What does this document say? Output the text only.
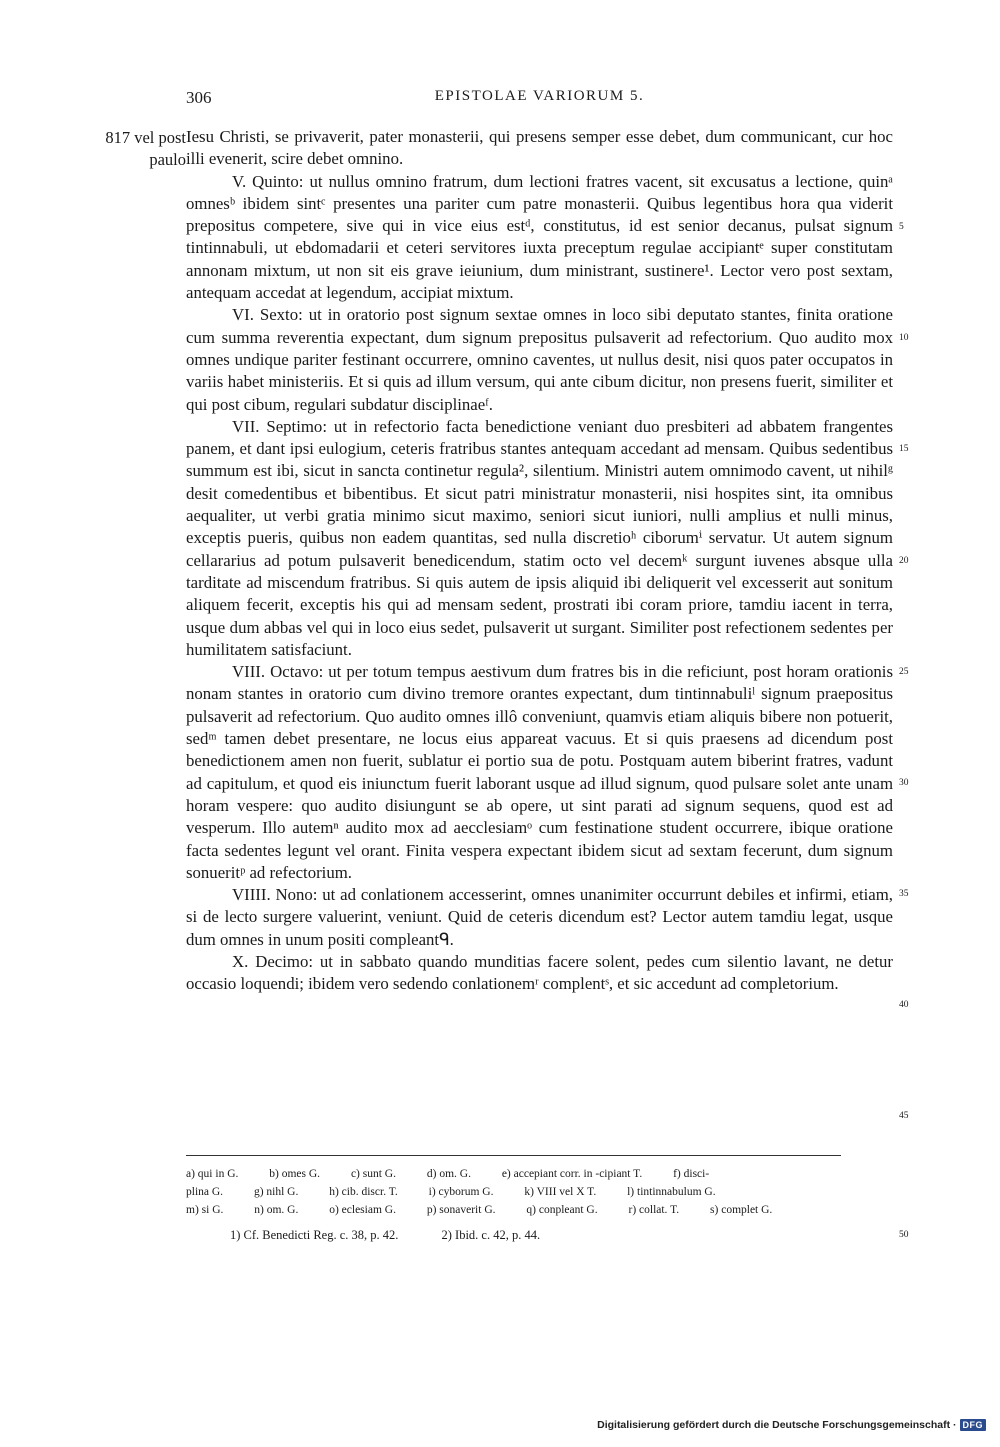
306	EPISTOLAE VARIORUM 5.
817 vel post paulo

Iesu Christi, se privaverit, pater monasterii, qui presens semper esse debet, dum communicant, cur hoc illi evenerit, scire debet omnino.

V. Quinto: ut nullus omnino fratrum, dum lectioni fratres vacent, sit excusatus a lectione, quinᵃ omnesᵇ ibidem sintᶜ presentes una pariter cum patre monasterii. Quibus legentibus hora qua viderit prepositus competere, sive qui in vice eius estᵈ, constitutus, id est senior decanus, pulsat signum tintinnabuli, ut ebdomadarii et ceteri servitores iuxta preceptum regulae accipiantᵉ super constitutam annonam mixtum, ut non sit eis grave ieiunium, dum ministrant, sustinere¹. Lector vero post sextam, antequam accedat at legendum, accipiat mixtum.

VI. Sexto: ut in oratorio post signum sextae omnes in loco sibi deputato stantes, finita oratione cum summa reverentia expectant, dum signum prepositus pulsaverit ad refectorium. Quo audito mox omnes undique pariter festinant occurrere, omnino caventes, ut nullus desit, nisi quos pater occupatos in variis habet ministeriis. Et si quis ad illum versum, qui ante cibum dicitur, non presens fuerit, similiter et qui post cibum, regulari subdatur disciplinaeᶠ.

VII. Septimo: ut in refectorio facta benedictione veniant duo presbiteri ad abbatem frangentes panem, et dant ipsi eulogium, ceteris fratribus stantes antequam accedant ad mensam. Quibus sedentibus summum est ibi, sicut in sancta continetur regula², silentium. Ministri autem omnimodo cavent, ut nihilᵍ desit comedentibus et bibentibus. Et sicut patri ministratur monasterii, nisi hospites sint, ita omnibus aequaliter, ut verbi gratia minimo sicut maximo, seniori sicut iuniori, nulli amplius et nulli minus, exceptis pueris, quibus non eadem quantitas, sed nulla discretioʰ ciborumⁱ servatur. Ut autem signum cellararius ad potum pulsaverit benedicendum, statim octo vel decemᵏ surgunt iuvenes absque ulla tarditate ad miscendum fratribus. Si quis autem de ipsis aliquid ibi deliquerit vel excesserit aut sonitum aliquem fecerit, exceptis his qui ad mensam sedent, prostrati ibi coram priore, tamdiu iacent in terra, usque dum abbas vel qui in loco eius sedet, pulsaverit ut surgant. Similiter post refectionem sedentes per humilitatem satisfaciunt.

VIII. Octavo: ut per totum tempus aestivum dum fratres bis in die reficiunt, post horam orationis nonam stantes in oratorio cum divino tremore orantes expectant, dum tintinnabuliˡ signum praepositus pulsaverit ad refectorium. Quo audito omnes illô conveniunt, quamvis etiam aliquis bibere non potuerit, sedᵐ tamen debet presentare, ne locus eius appareat vacuus. Et si quis praesens ad dicendum post benedictionem amen non fuerit, sublatur ei portio sua de potu. Postquam autem biberint fratres, vadunt ad capitulum, et quod eis iniunctum fuerit laborant usque ad illud signum, quod pulsare solet ante unam horam vespere: quo audito disiungunt se ab opere, ut sint parati ad signum sequens, quod est ad vesperum. Illo autemⁿ audito mox ad aecclesiamᵒ cum festinatione student occurrere, ibique oratione facta sedentes legunt vel orant. Finita vespera expectant ibidem sicut ad sextam fecerunt, dum signum sonueritᵖ ad refectorium.

VIIII. Nono: ut ad conlationem accesserint, omnes unanimiter occurrunt debiles et infirmi, etiam, si de lecto surgere valuerint, veniunt. Quid de ceteris dicendum est? Lector autem tamdiu legat, usque dum omnes in unum positi compleantᑫ.

X. Decimo: ut in sabbato quando munditias facere solent, pedes cum silentio lavant, ne detur occasio loquendi; ibidem vero sedendo conlationemʳ complentˢ, et sic accedunt ad completorium.

5
10
15
20
25
30
35
40
45
50
a) qui in G.	b) omes G.	c) sunt G.	d) om. G.	e) accepiant corr. in -cipiant T.	f) disci-
plina G.	g) nihl G.	h) cib. discr. T.	i) cyborum G.	k) VIII vel X T.	l) tintinnabulum G.
m) si G.	n) om. G.	o) eclesiam G.	p) sonaverit G.	q) conpleant G.	r) collat. T.	s) complet G.
1) Cf. Benedicti Reg. c. 38, p. 42.	2) Ibid. c. 42, p. 44.
Digitalisierung gefördert durch die Deutsche Forschungsgemeinschaft · DFG
